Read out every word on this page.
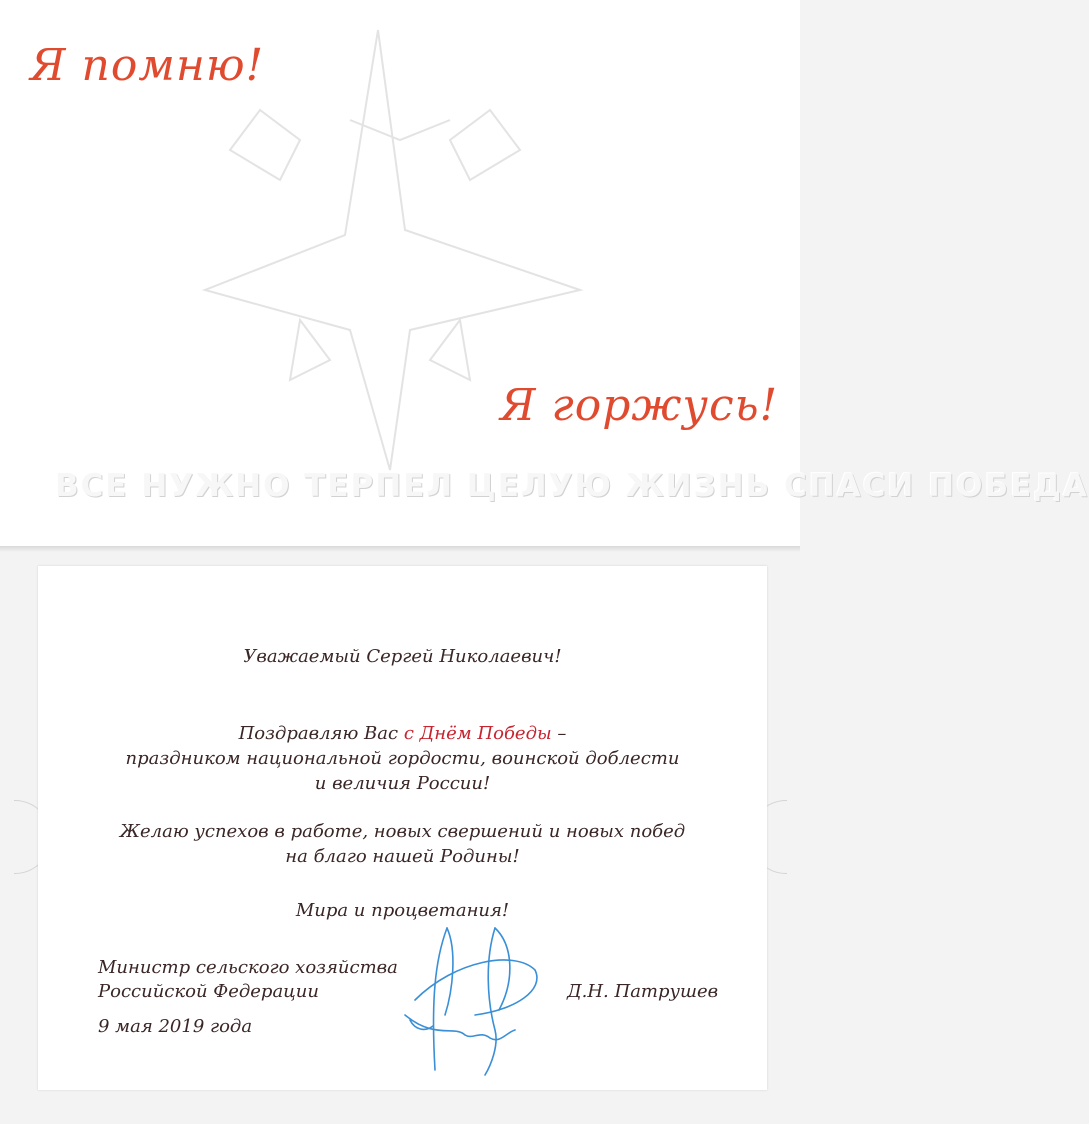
Я помню!
Я горжусь!
ВСЕ НУЖНО ТЕРПЕЛ ЦЕЛУЮ ЖИЗНЬ СПАСИ ПОБЕДА
Уважаемый Сергей Николаевич!
Поздравляю Вас с Днём Победы –
праздником национальной гордости, воинской доблести
и величия России!
Желаю успехов в работе, новых свершений и новых побед
на благо нашей Родины!
Мира и процветания!
Министр сельского хозяйства
Российской Федерации
9 мая 2019 года
Д.Н. Патрушев
